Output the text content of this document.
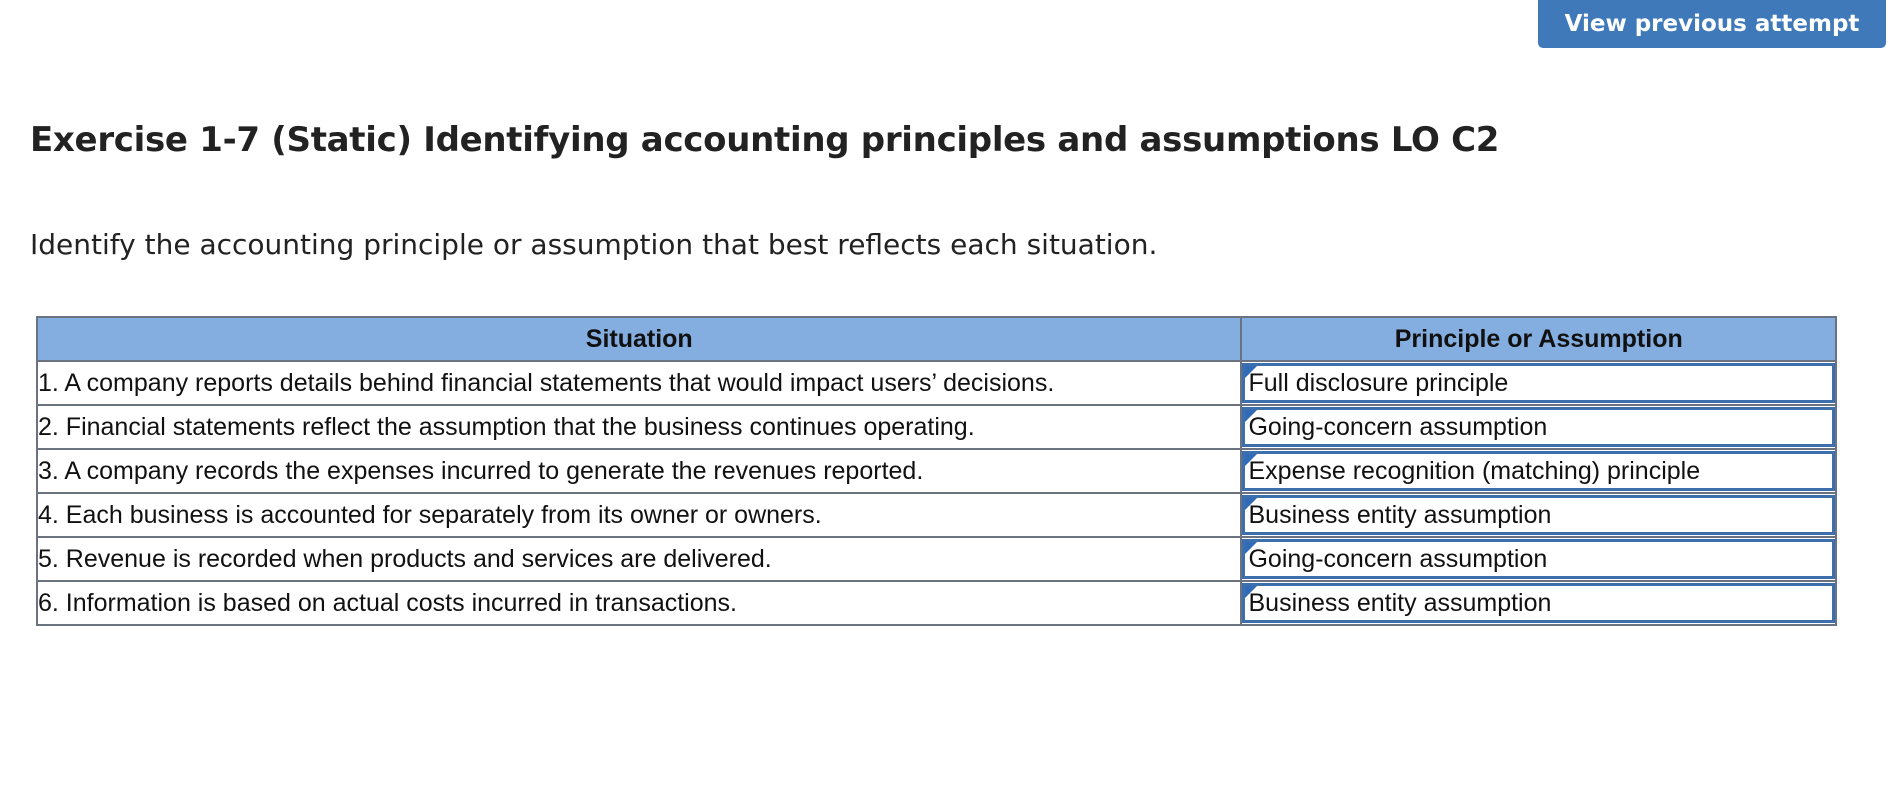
View previous attempt
Exercise 1-7 (Static) Identifying accounting principles and assumptions LO C2

Identify the accounting principle or assumption that best reflects each situation.

Situation	Principle or Assumption
1. A company reports details behind financial statements that would impact users’ decisions.	Full disclosure principle

2. Financial statements reflect the assumption that the business continues operating.	Going-concern assumption

3. A company records the expenses incurred to generate the revenues reported.	Expense recognition (matching) principle

4. Each business is accounted for separately from its owner or owners.	Business entity assumption

5. Revenue is recorded when products and services are delivered.	Going-concern assumption

6. Information is based on actual costs incurred in transactions.	Business entity assumption
